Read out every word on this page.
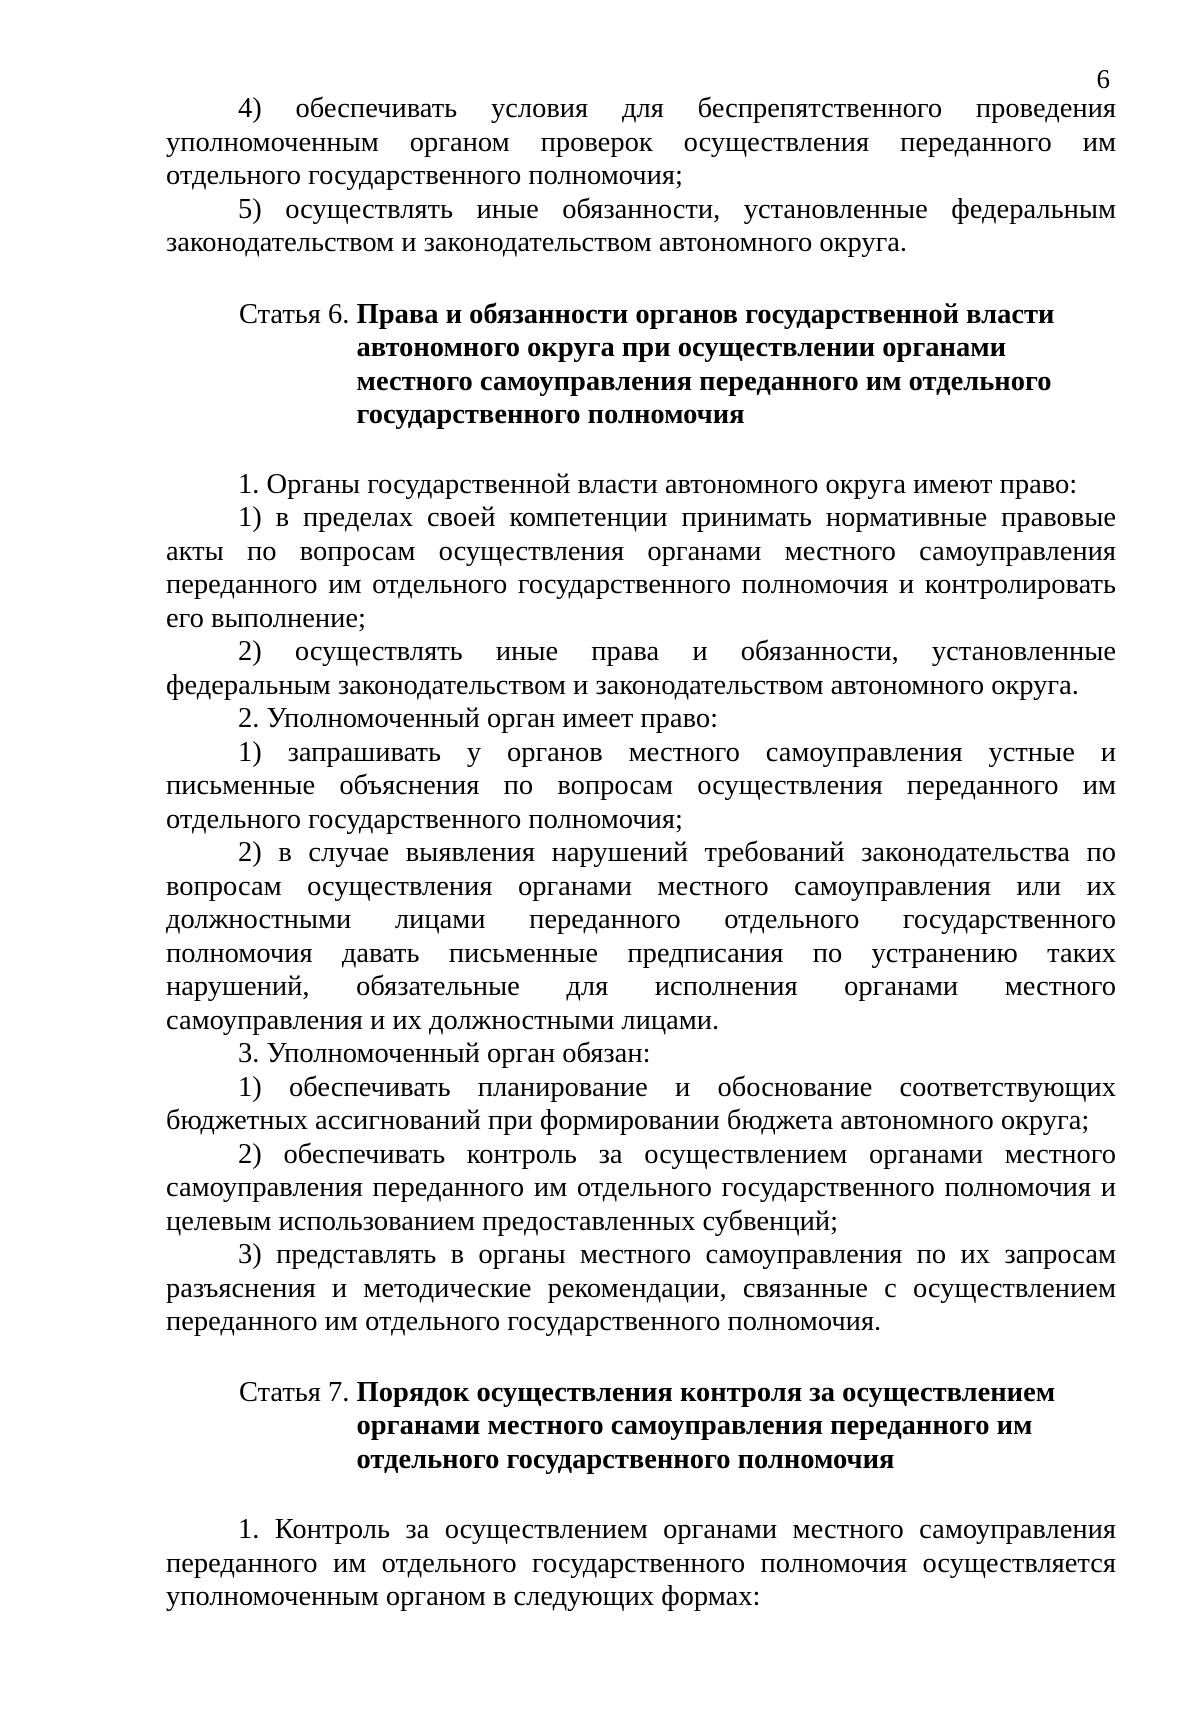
6

4) обеспечивать условия для беспрепятственного проведения уполномоченным органом проверок осуществления переданного им отдельного государственного полномочия;

5) осуществлять иные обязанности, установленные федеральным законодательством и законодательством автономного округа.

Статья 6. Права и обязанности органов государственной власти автономного округа при осуществлении органами местного самоуправления переданного им отдельного государственного полномочия

1. Органы государственной власти автономного округа имеют право:

1) в пределах своей компетенции принимать нормативные правовые акты по вопросам осуществления органами местного самоуправления переданного им отдельного государственного полномочия и контролировать его выполнение;

2) осуществлять иные права и обязанности, установленные федеральным законодательством и законодательством автономного округа.

2. Уполномоченный орган имеет право:

1) запрашивать у органов местного самоуправления устные и письменные объяснения по вопросам осуществления переданного им отдельного государственного полномочия;

2) в случае выявления нарушений требований законодательства по вопросам осуществления органами местного самоуправления или их должностными лицами переданного отдельного государственного полномочия давать письменные предписания по устранению таких нарушений, обязательные для исполнения органами местного самоуправления и их должностными лицами.

3. Уполномоченный орган обязан:

1) обеспечивать планирование и обоснование соответствующих бюджетных ассигнований при формировании бюджета автономного округа;

2) обеспечивать контроль за осуществлением органами местного самоуправления переданного им отдельного государственного полномочия и целевым использованием предоставленных субвенций;

3) представлять в органы местного самоуправления по их запросам разъяснения и методические рекомендации, связанные с осуществлением переданного им отдельного государственного полномочия.

Статья 7. Порядок осуществления контроля за осуществлением органами местного самоуправления переданного им отдельного государственного полномочия

1. Контроль за осуществлением органами местного самоуправления переданного им отдельного государственного полномочия осуществляется уполномоченным органом в следующих формах:
